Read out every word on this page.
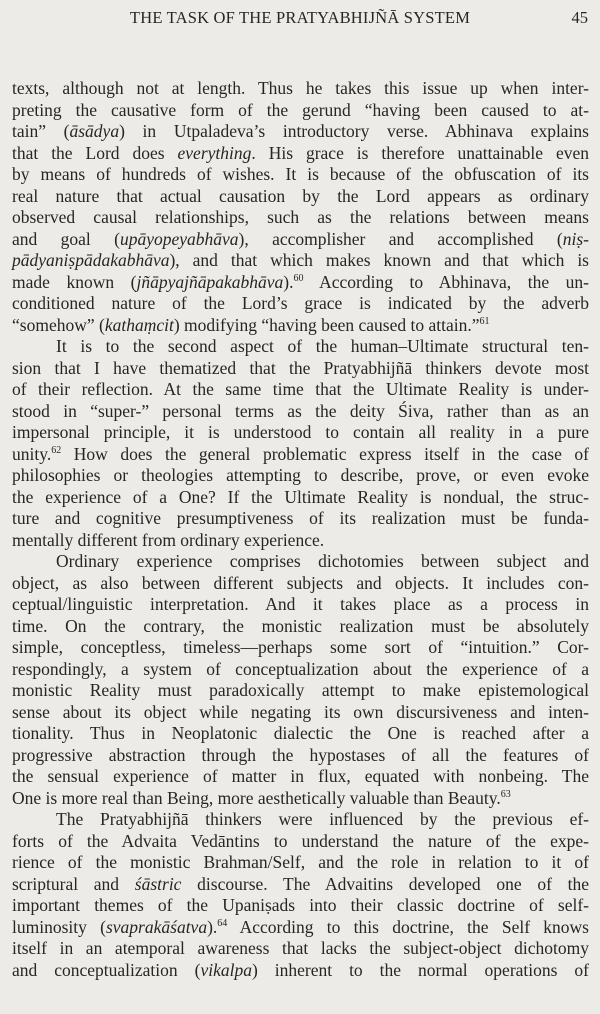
THE TASK OF THE PRATYABHIJÑĀ SYSTEM	45
texts, although not at length. Thus he takes this issue up when inter-
preting the causative form of the gerund “having been caused to at-
tain” (āsādya) in Utpaladeva’s introductory verse. Abhinava explains
that the Lord does everything. His grace is therefore unattainable even
by means of hundreds of wishes. It is because of the obfuscation of its
real nature that actual causation by the Lord appears as ordinary
observed causal relationships, such as the relations between means
and goal (upāyopeyabhāva), accomplisher and accomplished (niṣ-
pādyaniṣpādakabhāva), and that which makes known and that which is
made known (jñāpyajñāpakabhāva).$^{60}$ According to Abhinava, the un-
conditioned nature of the Lord’s grace is indicated by the adverb
“somehow” (kathaṃcit) modifying “having been caused to attain.”$^{61}$
It is to the second aspect of the human–Ultimate structural ten-
sion that I have thematized that the Pratyabhijñā thinkers devote most
of their reflection. At the same time that the Ultimate Reality is under-
stood in “super-” personal terms as the deity Śiva, rather than as an
impersonal principle, it is understood to contain all reality in a pure
unity.$^{62}$ How does the general problematic express itself in the case of
philosophies or theologies attempting to describe, prove, or even evoke
the experience of a One? If the Ultimate Reality is nondual, the struc-
ture and cognitive presumptiveness of its realization must be funda-
mentally different from ordinary experience.
Ordinary experience comprises dichotomies between subject and
object, as also between different subjects and objects. It includes con-
ceptual/linguistic interpretation. And it takes place as a process in
time. On the contrary, the monistic realization must be absolutely
simple, conceptless, timeless—perhaps some sort of “intuition.” Cor-
respondingly, a system of conceptualization about the experience of a
monistic Reality must paradoxically attempt to make epistemological
sense about its object while negating its own discursiveness and inten-
tionality. Thus in Neoplatonic dialectic the One is reached after a
progressive abstraction through the hypostases of all the features of
the sensual experience of matter in flux, equated with nonbeing. The
One is more real than Being, more aesthetically valuable than Beauty.$^{63}$
The Pratyabhijñā thinkers were influenced by the previous ef-
forts of the Advaita Vedāntins to understand the nature of the expe-
rience of the monistic Brahman/Self, and the role in relation to it of
scriptural and śāstric discourse. The Advaitins developed one of the
important themes of the Upaniṣads into their classic doctrine of self-
luminosity (svaprakāśatva).$^{64}$ According to this doctrine, the Self knows
itself in an atemporal awareness that lacks the subject-object dichotomy
and conceptualization (vikalpa) inherent to the normal operations of
